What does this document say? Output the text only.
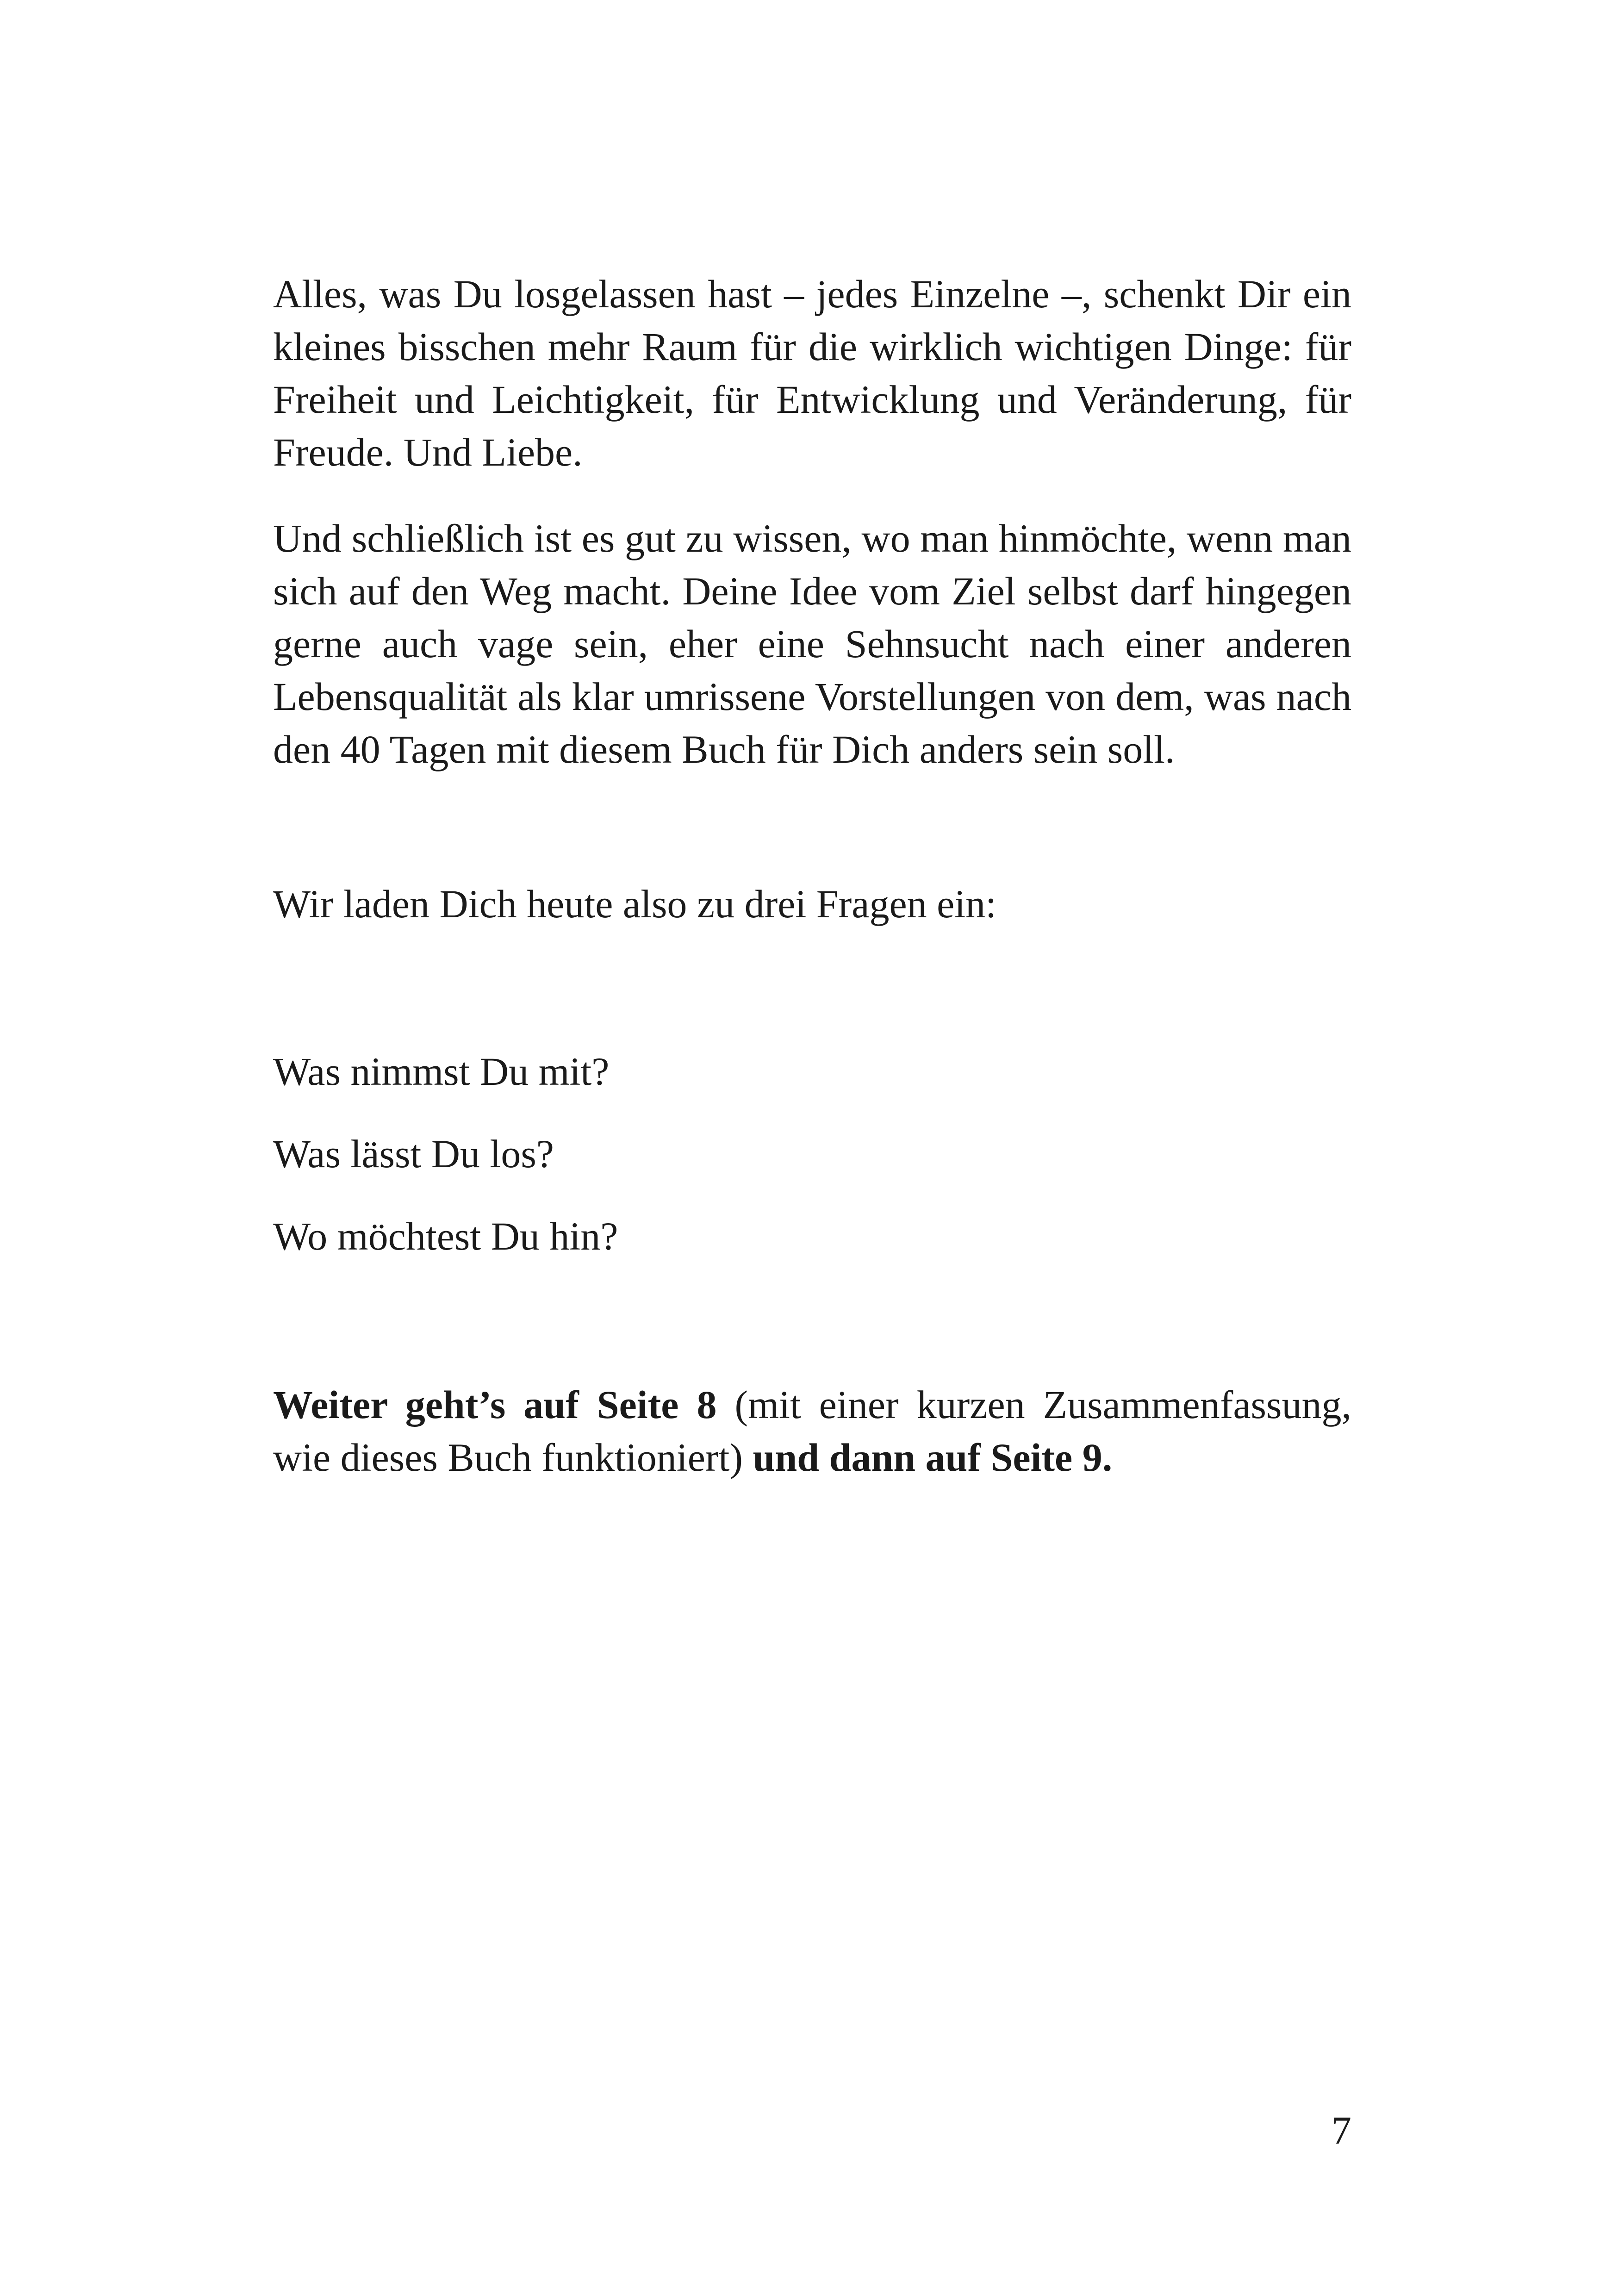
Alles, was Du losgelassen hast – jedes Einzelne –, schenkt Dir ein kleines bisschen mehr Raum für die wirklich wichtigen Dinge: für Freiheit und Leichtigkeit, für Entwicklung und Veränderung, für Freude. Und Liebe.

Und schließlich ist es gut zu wissen, wo man hinmöchte, wenn man sich auf den Weg macht. Deine Idee vom Ziel selbst darf hingegen gerne auch vage sein, eher eine Sehnsucht nach einer anderen Lebensqualität als klar umrissene Vorstellungen von dem, was nach den 40 Tagen mit diesem Buch für Dich anders sein soll.

Wir laden Dich heute also zu drei Fragen ein:

Was nimmst Du mit?

Was lässt Du los?

Wo möchtest Du hin?

Weiter geht’s auf Seite 8 (mit einer kurzen Zusammenfassung, wie dieses Buch funktioniert) und dann auf Seite 9.

7
